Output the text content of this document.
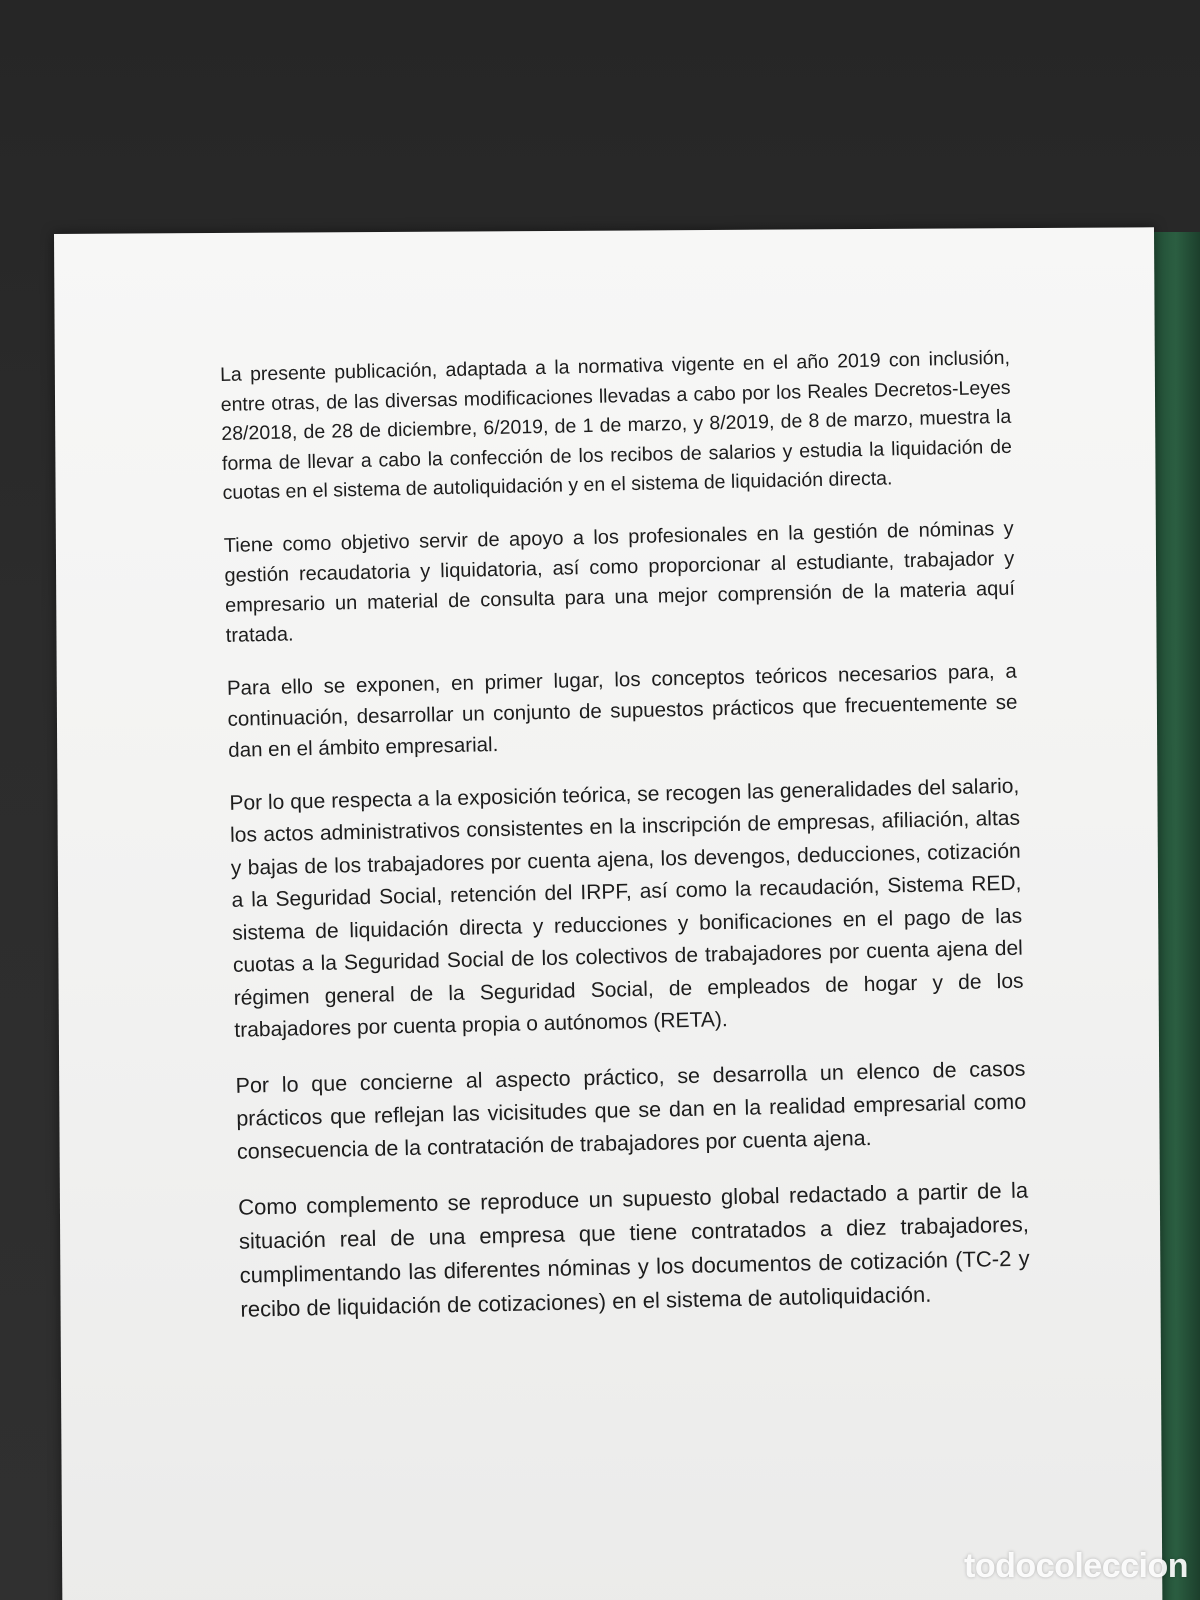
La presente publicación, adaptada a la normativa vigente en el año 2019 con inclusión, entre otras, de las diversas modificaciones llevadas a cabo por los Reales Decretos-Leyes 28/2018, de 28 de diciembre, 6/2019, de 1 de marzo, y 8/2019, de 8 de marzo, muestra la forma de llevar a cabo la confección de los recibos de salarios y estudia la liquidación de cuotas en el sistema de autoliquidación y en el sistema de liquidación directa.

Tiene como objetivo servir de apoyo a los profesionales en la gestión de nóminas y gestión recaudatoria y liquidatoria, así como proporcionar al estudiante, trabajador y empresario un material de consulta para una mejor comprensión de la materia aquí tratada.

Para ello se exponen, en primer lugar, los conceptos teóricos necesarios para, a continuación, desarrollar un conjunto de supuestos prácticos que frecuentemente se dan en el ámbito empresarial.

Por lo que respecta a la exposición teórica, se recogen las generalidades del salario, los actos administrativos consistentes en la inscripción de empresas, afiliación, altas y bajas de los trabajadores por cuenta ajena, los devengos, deducciones, cotización a la Seguridad Social, retención del IRPF, así como la recaudación, Sistema RED, sistema de liquidación directa y reducciones y bonificaciones en el pago de las cuotas a la Seguridad Social de los colectivos de trabajadores por cuenta ajena del régimen general de la Seguridad Social, de empleados de hogar y de los trabajadores por cuenta propia o autónomos (RETA).

Por lo que concierne al aspecto práctico, se desarrolla un elenco de casos prácticos que reflejan las vicisitudes que se dan en la realidad empresarial como consecuencia de la contratación de trabajadores por cuenta ajena.

Como complemento se reproduce un supuesto global redactado a partir de la situación real de una empresa que tiene contratados a diez trabajadores, cumplimentando las diferentes nóminas y los documentos de cotización (TC-2 y recibo de liquidación de cotizaciones) en el sistema de autoliquidación.

todocoleccion
